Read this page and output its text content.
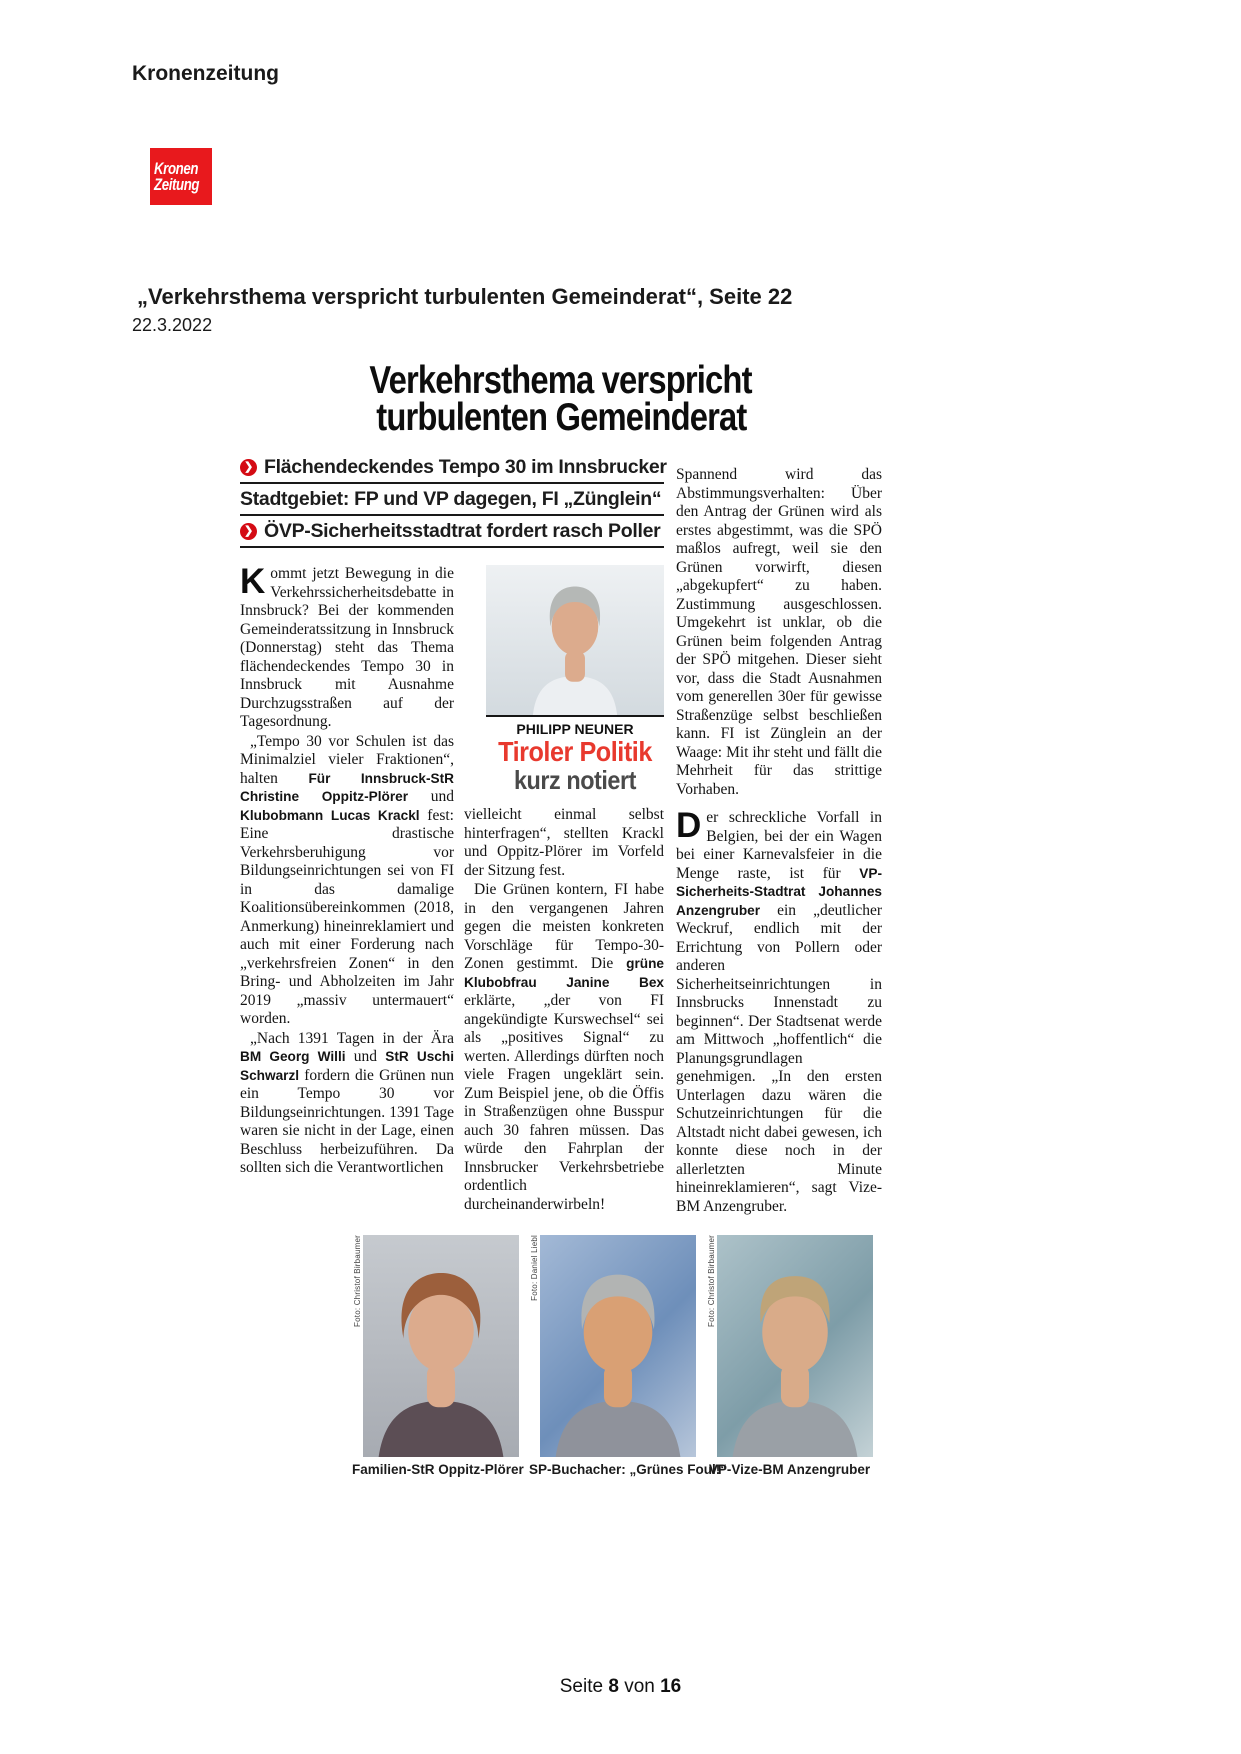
Kronenzeitung
Kronen
Zeitung
„Verkehrsthema verspricht turbulenten Gemeinderat“, Seite 22
22.3.2022
Verkehrsthema verspricht
turbulenten Gemeinderat
❯ Flächendeckendes Tempo 30 im Innsbrucker
Stadtgebiet: FP und VP dagegen, FI „Zünglein“
❯ ÖVP-Sicherheitsstadtrat fordert rasch Poller

Kommt jetzt Bewegung in die Verkehrssicherheitsdebatte in Innsbruck? Bei der kommenden Gemeinderatssitzung in Innsbruck (Donnerstag) steht das Thema flächendeckendes Tempo 30 in Innsbruck mit Ausnahme Durchzugsstraßen auf der Tagesordnung.

„Tempo 30 vor Schulen ist das Minimalziel vieler Fraktionen“, halten Für Innsbruck-StR Christine Oppitz-Plörer und Klubobmann Lucas Krackl fest: Eine drastische Verkehrsberuhigung vor Bildungseinrichtungen sei von FI in das damalige Koalitionsübereinkommen (2018, Anmerkung) hineinreklamiert und auch mit einer Forderung nach „verkehrsfreien Zonen“ in den Bring- und Abholzeiten im Jahr 2019 „massiv untermauert“ worden.

„Nach 1391 Tagen in der Ära BM Georg Willi und StR Uschi Schwarzl fordern die Grünen nun ein Tempo 30 vor Bildungseinrichtungen. 1391 Tage waren sie nicht in der Lage, einen Beschluss herbeizuführen. Da sollten sich die Verantwortlichen

PHILIPP NEUNER
Tiroler Politik
kurz notiert

vielleicht einmal selbst hinterfragen“, stellten Krackl und Oppitz-Plörer im Vorfeld der Sitzung fest.

Die Grünen kontern, FI habe in den vergangenen Jahren gegen die meisten konkreten Vorschläge für Tempo-30-Zonen gestimmt. Die grüne Klubobfrau Janine Bex erklärte, „der von FI angekündigte Kurswechsel“ sei als „positives Signal“ zu werten. Allerdings dürften noch viele Fragen ungeklärt sein. Zum Beispiel jene, ob die Öffis in Straßenzügen ohne Busspur auch 30 fahren müssen. Das würde den Fahrplan der Innsbrucker Verkehrsbetriebe ordentlich durcheinanderwirbeln!

Spannend wird das Abstimmungsverhalten: Über den Antrag der Grünen wird als erstes abgestimmt, was die SPÖ maßlos aufregt, weil sie den Grünen vorwirft, diesen „abgekupfert“ zu haben. Zustimmung ausgeschlossen. Umgekehrt ist unklar, ob die Grünen beim folgenden Antrag der SPÖ mitgehen. Dieser sieht vor, dass die Stadt Ausnahmen vom generellen 30er für gewisse Straßenzüge selbst beschließen kann. FI ist Zünglein an der Waage: Mit ihr steht und fällt die Mehrheit für das strittige Vorhaben.

Der schreckliche Vorfall in Belgien, bei der ein Wagen bei einer Karnevalsfeier in die Menge raste, ist für VP-Sicherheits-Stadtrat Johannes Anzengruber ein „deutlicher Weckruf, endlich mit der Errichtung von Pollern oder anderen Sicherheitseinrichtungen in Innsbrucks Innenstadt zu beginnen“. Der Stadtsenat werde am Mittwoch „hoffentlich“ die Planungsgrundlagen genehmigen. „In den ersten Unterlagen dazu wären die Schutzeinrichtungen für die Altstadt nicht dabei gewesen, ich konnte diese noch in der allerletzten Minute hineinreklamieren“, sagt Vize-BM Anzengruber.

Foto: Christof Birbaumer
Familien-StR Oppitz-Plörer
Foto: Daniel Liebl
SP-Buchacher: „Grünes Foul!“
Foto: Christof Birbaumer
VP-Vize-BM Anzengruber
Seite 8 von 16
